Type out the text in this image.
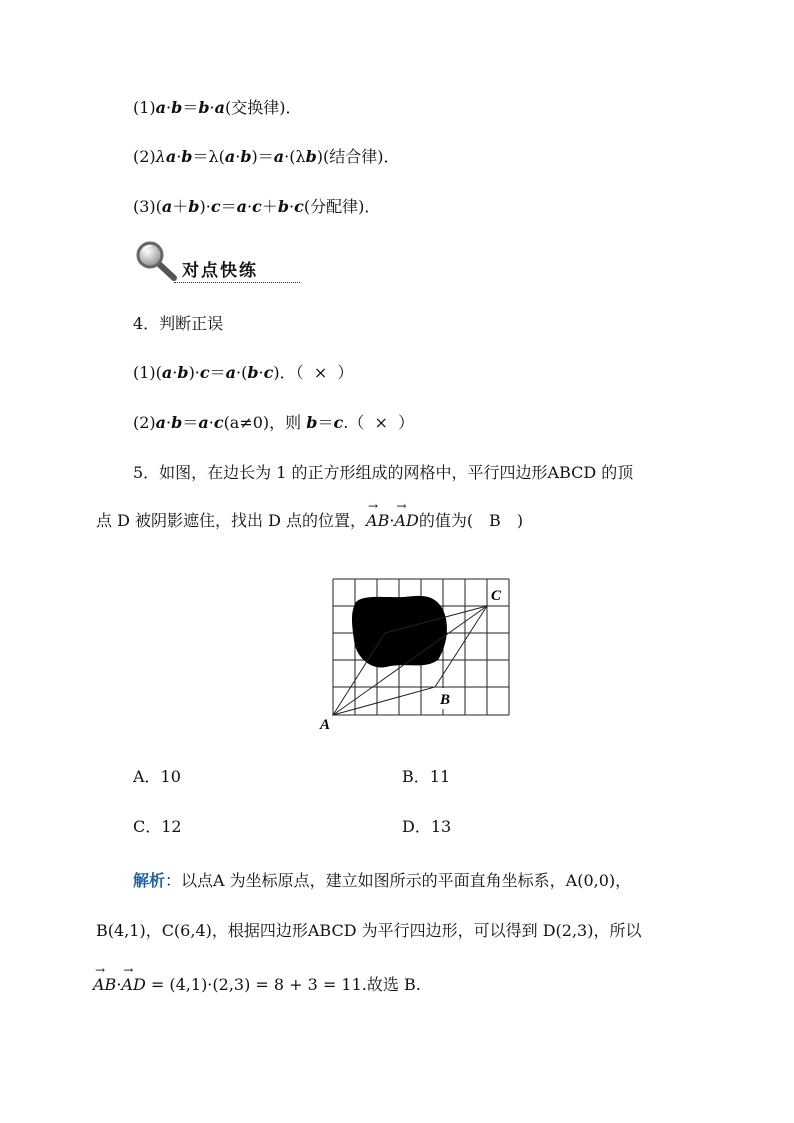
(1)a·b＝b·a(交换律)．
(2)λa·b＝λ(a·b)＝a·(λb)(结合律)．
(3)(a＋b)·c＝a·c＋b·c(分配律)．
对点快练
4．判断正误
(1)(a·b)·c＝a·(b·c)．（ × ）
(2)a·b＝a·c(a≠0)，则 b＝c.（ × ）
5．如图，在边长为 1 的正方形组成的网格中，平行四边形ABCD 的顶
点 D 被阴影遮住，找出 D 点的位置，→ AB·→ AD的值为(　B　)
A
B
C
A．10	B．11
C．12	D．13
解析：以点A 为坐标原点，建立如图所示的平面直角坐标系，A(0,0)，
B(4,1)，C(6,4)，根据四边形ABCD 为平行四边形，可以得到 D(2,3)，所以
→ AB·→ AD = (4,1)·(2,3) = 8 + 3 = 11.故选 B.
